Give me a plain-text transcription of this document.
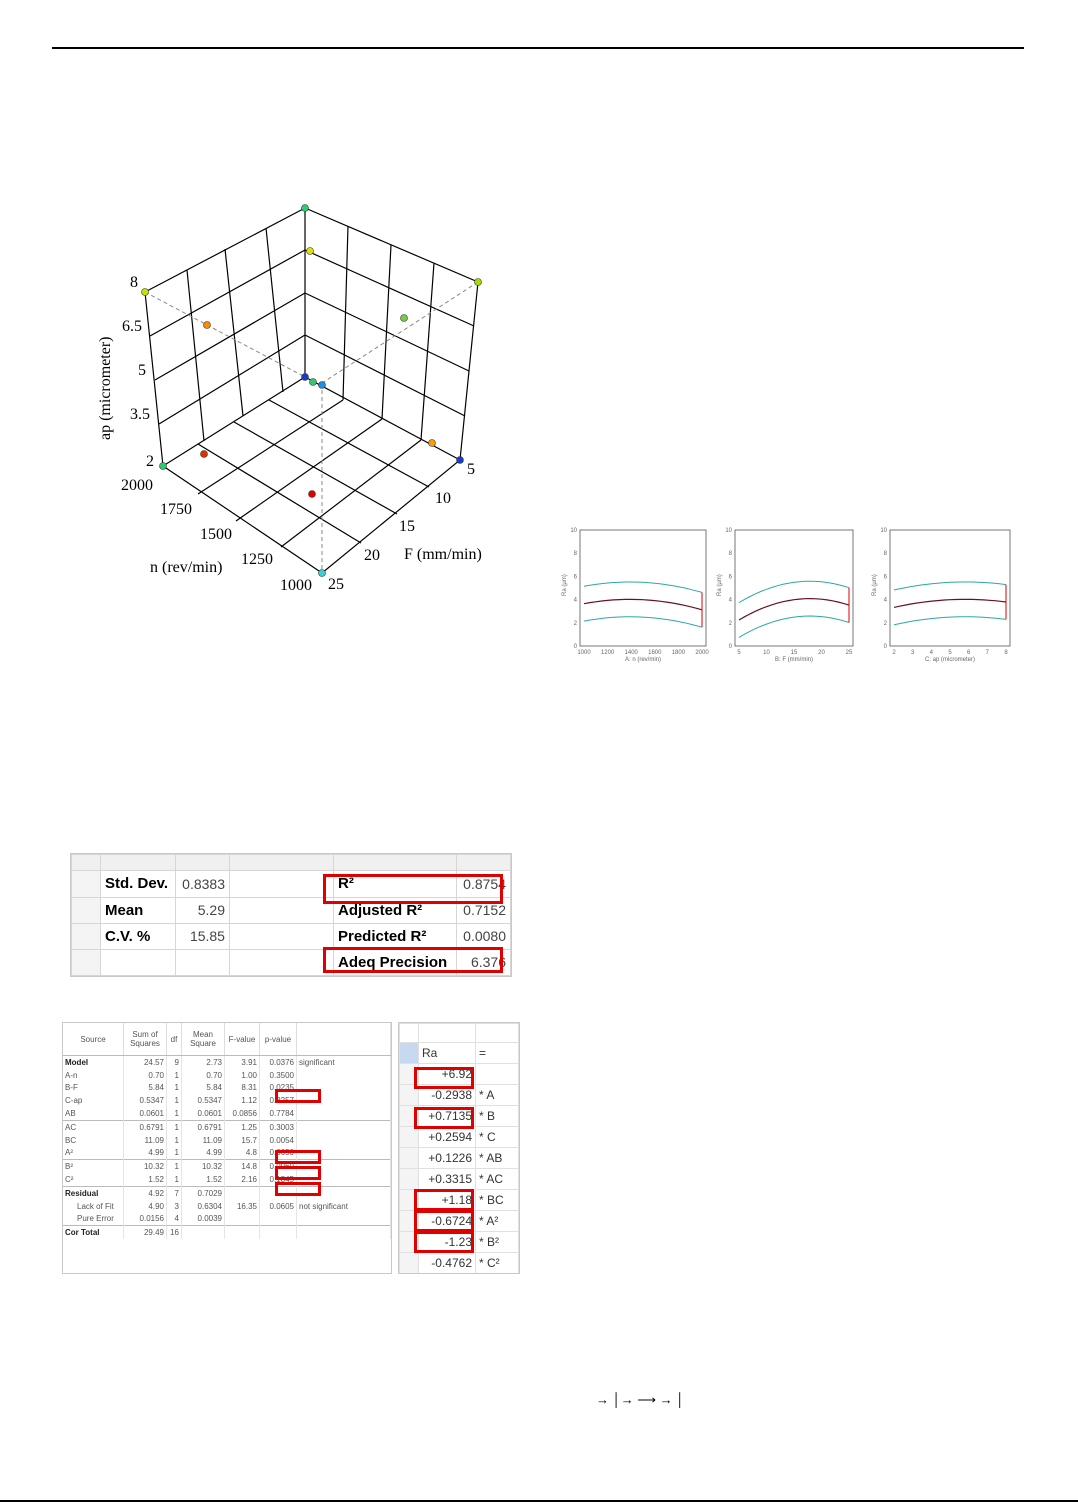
8
6.5
5
3.5
2
2000
1750
1500
1250
1000
5
10
15
20
25
ap (micrometer)
n (rev/min)
F (mm/min)
10
8
6
4
2
0
Ra (µm)
1000 1200 1400 1600 1800 2000
A: n (rev/min)
10
8
6
4
2
0
Ra (µm)
5	10	15	20	25
B: F (mm/min)
10
8
6
4
2
0
Ra (µm)
2	3	4	5	6	7	8
C: ap (micrometer)

	Std. Dev.	0.8383		R²	0.8754
	Mean	5.29		Adjusted R²	0.7152
	C.V. %	15.85		Predicted R²	0.0080
				Adeq Precision	6.376
Source	Sum of Squares	df	Mean Square	F-value	p-value	
Model	24.57	9	2.73	3.91	0.0376	significant
A-n	0.70	1	0.70	1.00	0.3500	
B-F	5.84	1	5.84	8.31	0.0235	
C-ap	0.5347	1	0.5347	1.12	0.3257	
AB	0.0601	1	0.0601	0.0856	0.7784	
AC	0.6791	1	0.6791	1.25	0.3003	
BC	11.09	1	11.09	15.7	0.0054	
A²	4.99	1	4.99	4.8	0.0650	
B²	10.32	1	10.32	14.8	0.0060	
C²	1.52	1	1.52	2.16	0.1845	
Residual	4.92	7	0.7029			
Lack of Fit	4.90	3	0.6304	16.35	0.0605	not significant
Pure Error	0.0156	4	0.0039			
Cor Total	29.49	16				

	Ra	=
	+6.92	
	-0.2938	* A
	+0.7135	* B
	+0.2594	* C
	+0.1226	* AB
	+0.3315	* AC
	+1.18	* BC
	-0.6724	* A²
	-1.23	* B²
	-0.4762	* C²
→ │→ ⟶ → │
